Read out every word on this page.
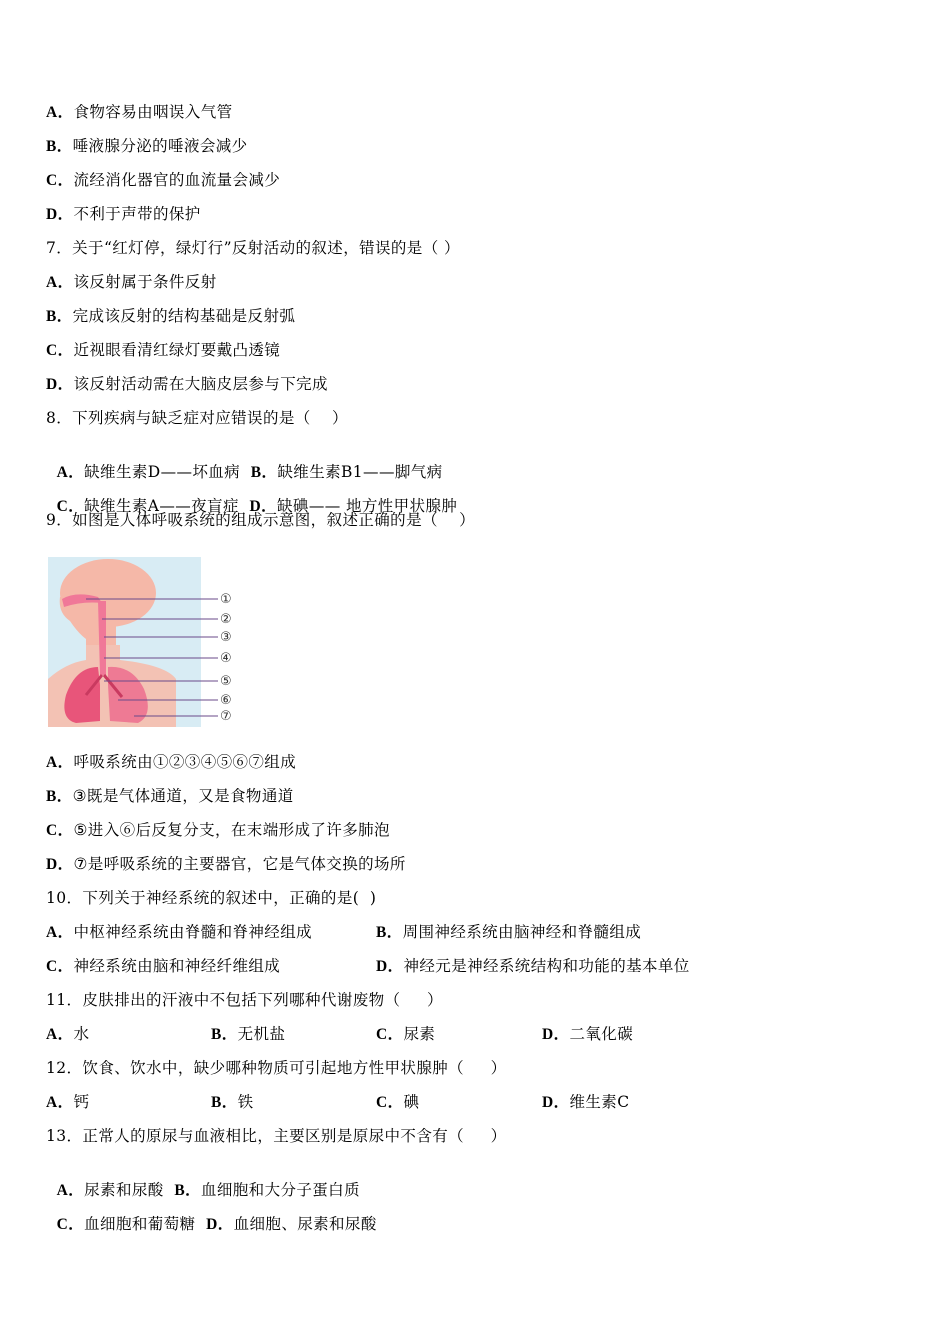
A．食物容易由咽误入气管
B．唾液腺分泌的唾液会减少
C．流经消化器官的血流量会减少
D．不利于声带的保护
7．关于“红灯停，绿灯行”反射活动的叙述，错误的是（ ）
A．该反射属于条件反射
B．完成该反射的结构基础是反射弧
C．近视眼看清红绿灯要戴凸透镜
D．该反射活动需在大脑皮层参与下完成
8．下列疾病与缺乏症对应错误的是（    ）

A．缺维生素D——坏血病 B．缺维生素B1——脚气病

C．缺维生素A——夜盲症 D．缺碘—— 地方性甲状腺肿

9．如图是人体呼吸系统的组成示意图，叙述正确的是（    ）
①
②
③
④
⑤
⑥
⑦
A．呼吸系统由①②③④⑤⑥⑦组成
B．③既是气体通道，又是食物通道
C．⑤进入⑥后反复分支，在末端形成了许多肺泡
D．⑦是呼吸系统的主要器官，它是气体交换的场所
10．下列关于神经系统的叙述中，正确的是(  )

A．中枢神经系统由脊髓和脊神经组成

	B．周围神经系统由脑神经和脊髓组成

C．神经系统由脑和神经纤维组成

	D．神经元是神经系统结构和功能的基本单位

11．皮肤排出的汗液中不包括下列哪种代谢废物（     ）

A．水

	B．无机盐

	C．尿素

	D．二氧化碳

12．饮食、饮水中，缺少哪种物质可引起地方性甲状腺肿（     ）

A．钙

	B．铁

	C．碘

	D．维生素C

13．正常人的原尿与血液相比，主要区别是原尿中不含有（     ）

A．尿素和尿酸 B．血细胞和大分子蛋白质

C．血细胞和葡萄糖 D．血细胞、尿素和尿酸
